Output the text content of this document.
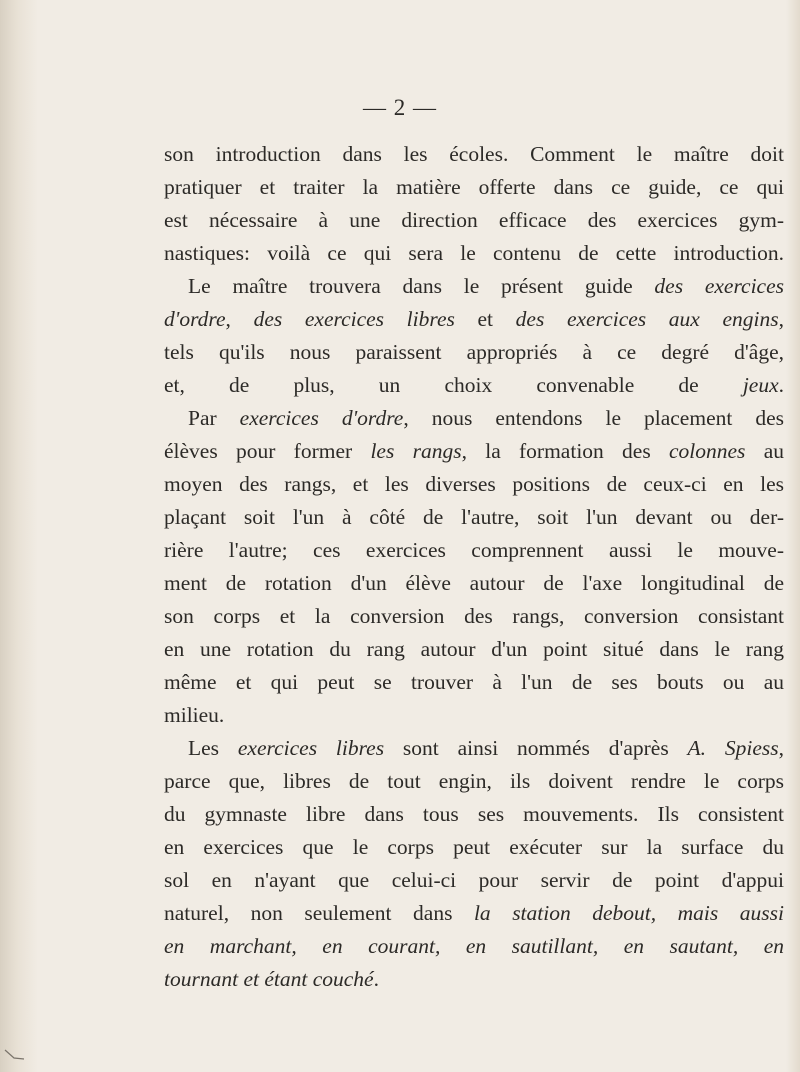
— 2 —
son introduction dans les écoles. Comment le maître doit
pratiquer et traiter la matière offerte dans ce guide, ce qui
est nécessaire à une direction efficace des exercices gym-
nastiques: voilà ce qui sera le contenu de cette introduction.
Le maître trouvera dans le présent guide des exercices
d'ordre, des exercices libres et des exercices aux engins,
tels qu'ils nous paraissent appropriés à ce degré d'âge,
et, de plus, un choix convenable de jeux.
Par exercices d'ordre, nous entendons le placement des
élèves pour former les rangs, la formation des colonnes au
moyen des rangs, et les diverses positions de ceux-ci en les
plaçant soit l'un à côté de l'autre, soit l'un devant ou der-
rière l'autre; ces exercices comprennent aussi le mouve-
ment de rotation d'un élève autour de l'axe longitudinal de
son corps et la conversion des rangs, conversion consistant
en une rotation du rang autour d'un point situé dans le rang
même et qui peut se trouver à l'un de ses bouts ou au
milieu.
Les exercices libres sont ainsi nommés d'après A. Spiess,
parce que, libres de tout engin, ils doivent rendre le corps
du gymnaste libre dans tous ses mouvements. Ils consistent
en exercices que le corps peut exécuter sur la surface du
sol en n'ayant que celui-ci pour servir de point d'appui
naturel, non seulement dans la station debout, mais aussi
en marchant, en courant, en sautillant, en sautant, en
tournant et étant couché.
